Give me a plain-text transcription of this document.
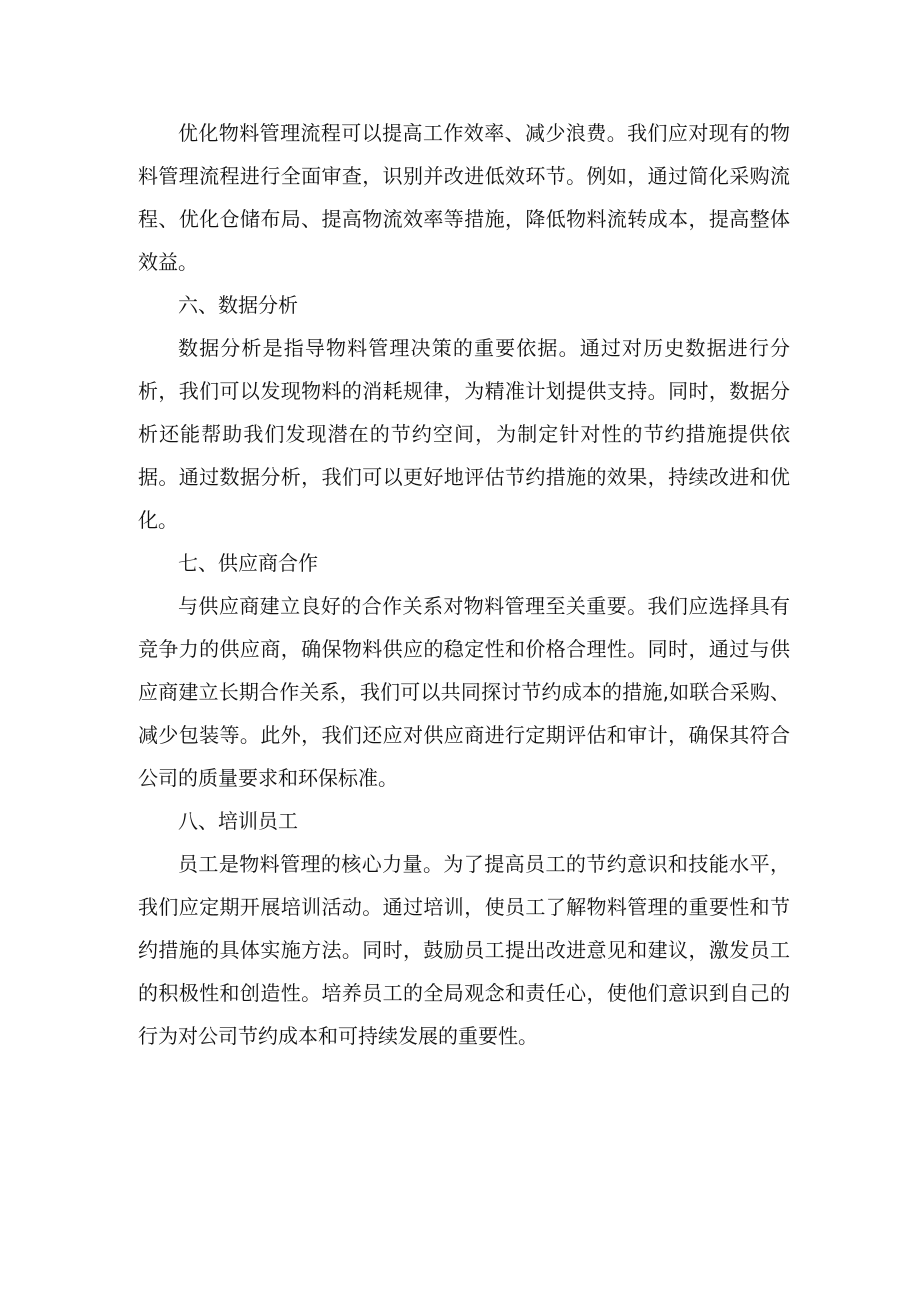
优化物料管理流程可以提高工作效率、减少浪费。我们应对现有的物料管理流程进行全面审查，识别并改进低效环节。例如，通过简化采购流程、优化仓储布局、提高物流效率等措施，降低物料流转成本，提高整体效益。

六、数据分析

数据分析是指导物料管理决策的重要依据。通过对历史数据进行分析，我们可以发现物料的消耗规律，为精准计划提供支持。同时，数据分析还能帮助我们发现潜在的节约空间，为制定针对性的节约措施提供依据。通过数据分析，我们可以更好地评估节约措施的效果，持续改进和优化。

七、供应商合作

与供应商建立良好的合作关系对物料管理至关重要。我们应选择具有竞争力的供应商，确保物料供应的稳定性和价格合理性。同时，通过与供应商建立长期合作关系，我们可以共同探讨节约成本的措施,如联合采购、减少包装等。此外，我们还应对供应商进行定期评估和审计，确保其符合公司的质量要求和环保标准。

八、培训员工

员工是物料管理的核心力量。为了提高员工的节约意识和技能水平，我们应定期开展培训活动。通过培训，使员工了解物料管理的重要性和节约措施的具体实施方法。同时，鼓励员工提出改进意见和建议，激发员工的积极性和创造性。培养员工的全局观念和责任心，使他们意识到自己的行为对公司节约成本和可持续发展的重要性。
